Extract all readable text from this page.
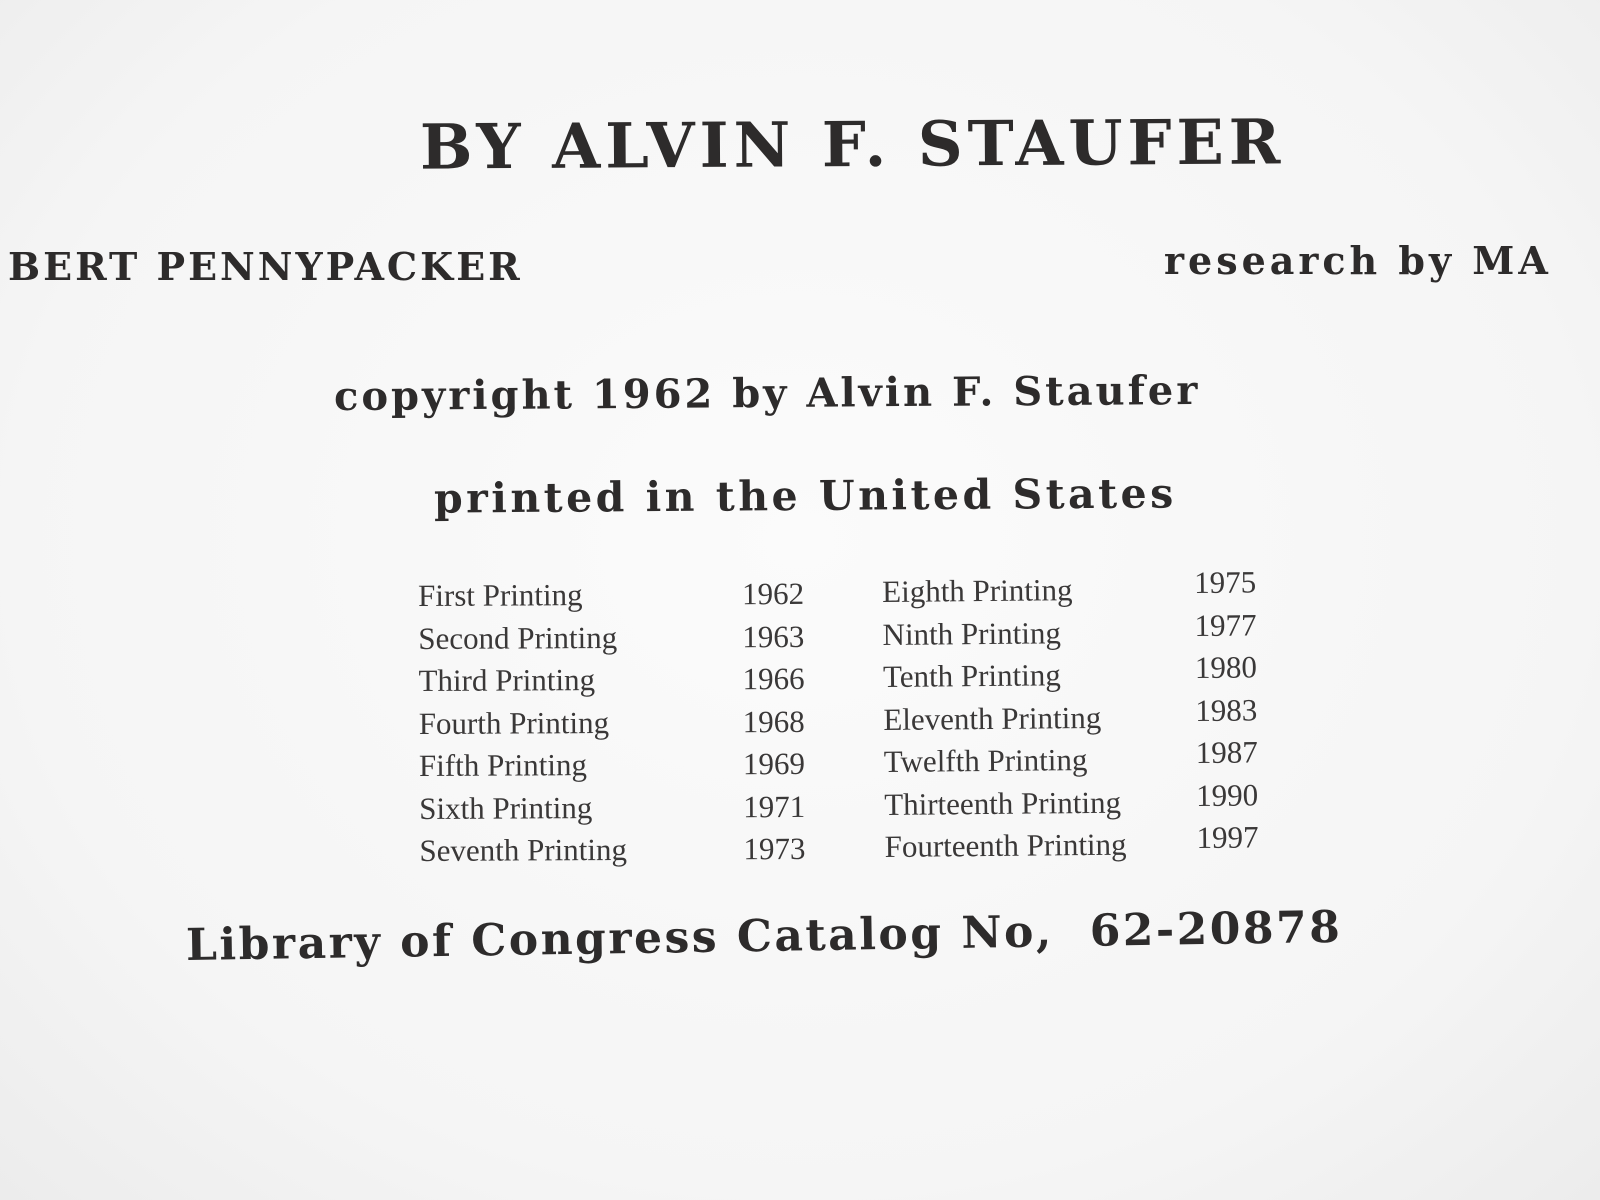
BY ALVIN F. STAUFER
BERT PENNYPACKER	research by MA
copyright 1962 by Alvin F. Staufer
printed in the United States
First Printing	1962
Second Printing	1963
Third Printing	1966
Fourth Printing	1968
Fifth Printing	1969
Sixth Printing	1971
Seventh Printing	1973
Eighth Printing	1975
Ninth Printing	1977
Tenth Printing	1980
Eleventh Printing	1983
Twelfth Printing	1987
Thirteenth Printing 1990
Fourteenth Printing 1997
Library of Congress Catalog No, 62-20878
